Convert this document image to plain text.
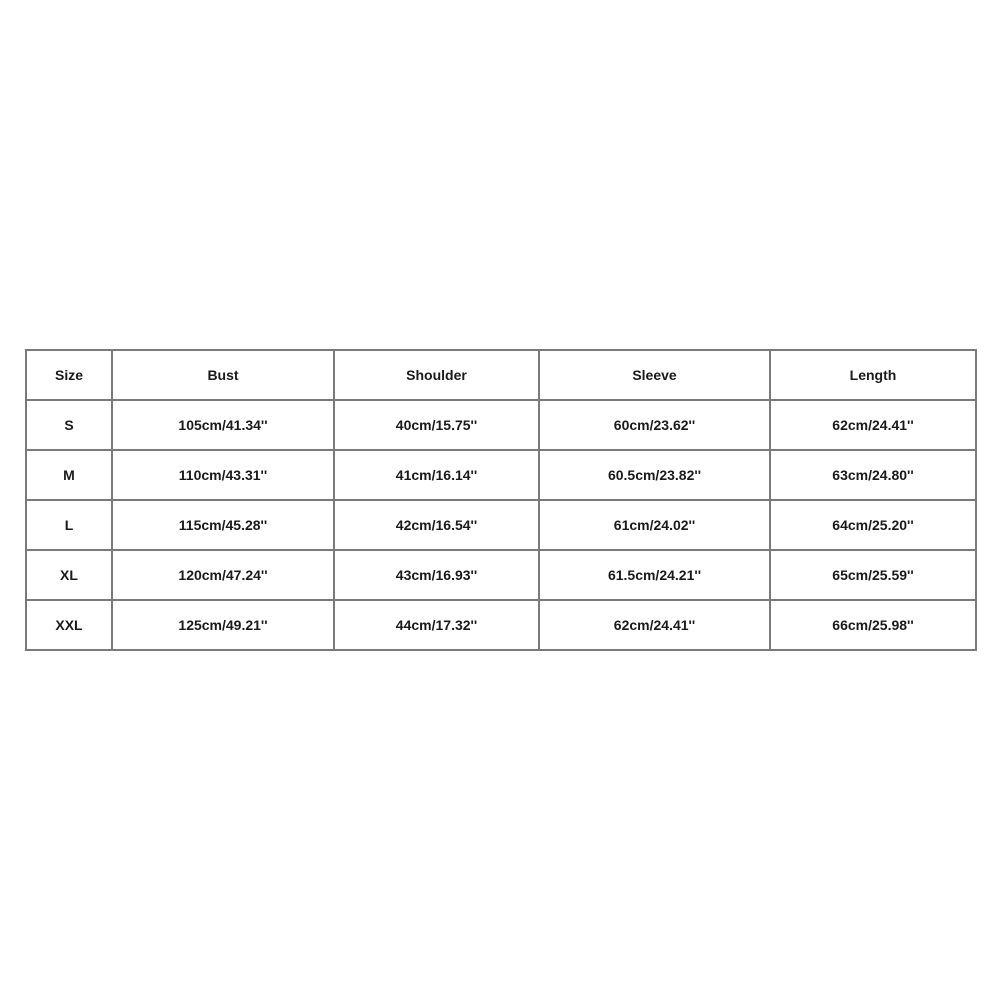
Size	Bust	Shoulder	Sleeve	Length
S	105cm/41.34''	40cm/15.75''	60cm/23.62''	62cm/24.41''
M	110cm/43.31''	41cm/16.14''	60.5cm/23.82''	63cm/24.80''
L	115cm/45.28''	42cm/16.54''	61cm/24.02''	64cm/25.20''
XL	120cm/47.24''	43cm/16.93''	61.5cm/24.21''	65cm/25.59''
XXL	125cm/49.21''	44cm/17.32''	62cm/24.41''	66cm/25.98''
